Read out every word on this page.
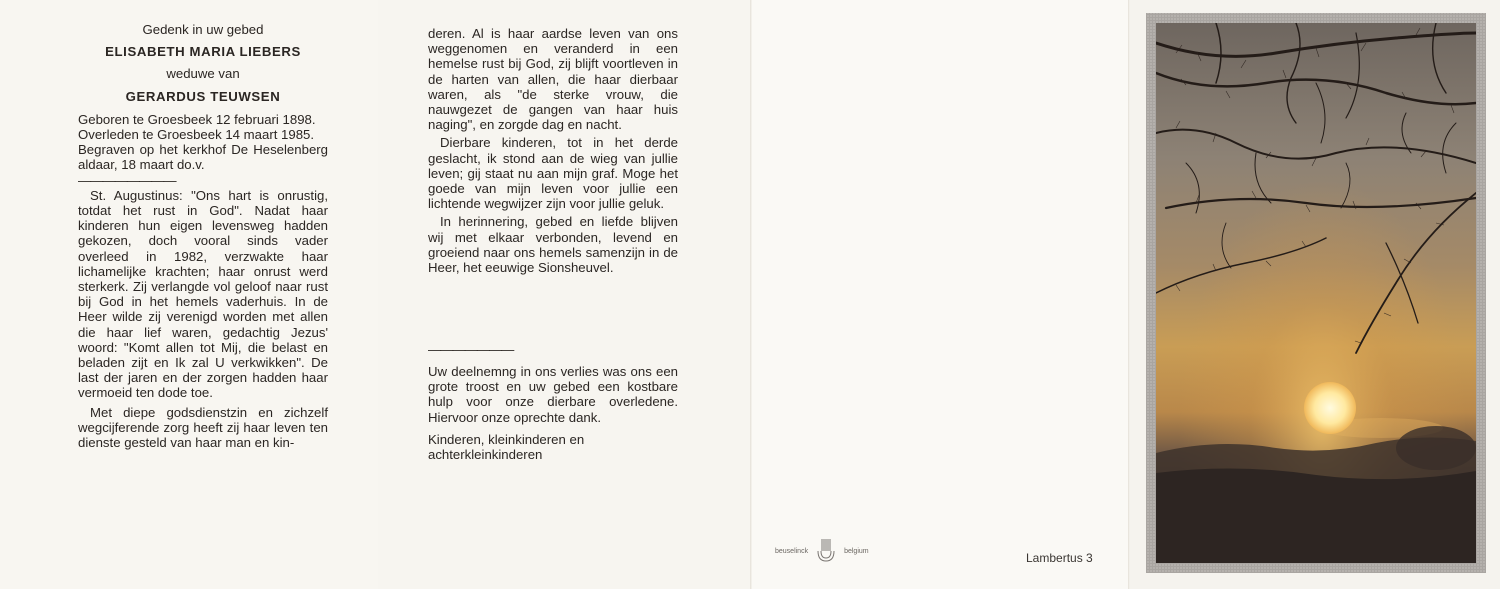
Gedenk in uw gebed

ELISABETH MARIA LIEBERS

weduwe van

GERARDUS TEUWSEN

Geboren te Groesbeek 12 februari 1898.

Overleden te Groesbeek 14 maart 1985.

Begraven op het kerkhof De Heselenberg aldaar, 18 maart do.v.

————————

St. Augustinus: "Ons hart is onrustig, totdat het rust in God". Nadat haar kinderen hun eigen levensweg hadden gekozen, doch vooral sinds vader overleed in 1982, verzwakte haar lichamelijke krachten; haar onrust werd sterkerk. Zij verlangde vol geloof naar rust bij God in het hemels vaderhuis. In de Heer wilde zij verenigd worden met allen die haar lief waren, gedachtig Jezus' woord: "Komt allen tot Mij, die belast en beladen zijt en Ik zal U verkwikken". De last der jaren en der zorgen hadden haar vermoeid ten dode toe.

Met diepe godsdienstzin en zichzelf wegcijferende zorg heeft zij haar leven ten dienste gesteld van haar man en kin-

deren. Al is haar aardse leven van ons weggenomen en veranderd in een hemelse rust bij God, zij blijft voortleven in de harten van allen, die haar dierbaar waren, als "de sterke vrouw, die nauwgezet de gangen van haar huis naging", en zorgde dag en nacht.

Dierbare kinderen, tot in het derde geslacht, ik stond aan de wieg van jullie leven; gij staat nu aan mijn graf. Moge het goede van mijn leven voor jullie een lichtende wegwijzer zijn voor jullie geluk.

In herinnering, gebed en liefde blijven wij met elkaar verbonden, levend en groeiend naar ons hemels samenzijn in de Heer, het eeuwige Sionsheuvel.

———————

Uw deelnemng in ons verlies was ons een grote troost en uw gebed een kostbare hulp voor onze dierbare overledene. Hiervoor onze oprechte dank.

Kinderen, kleinkinderen en

achterkleinkinderen

beuselinck	belgium	Lambertus 3
